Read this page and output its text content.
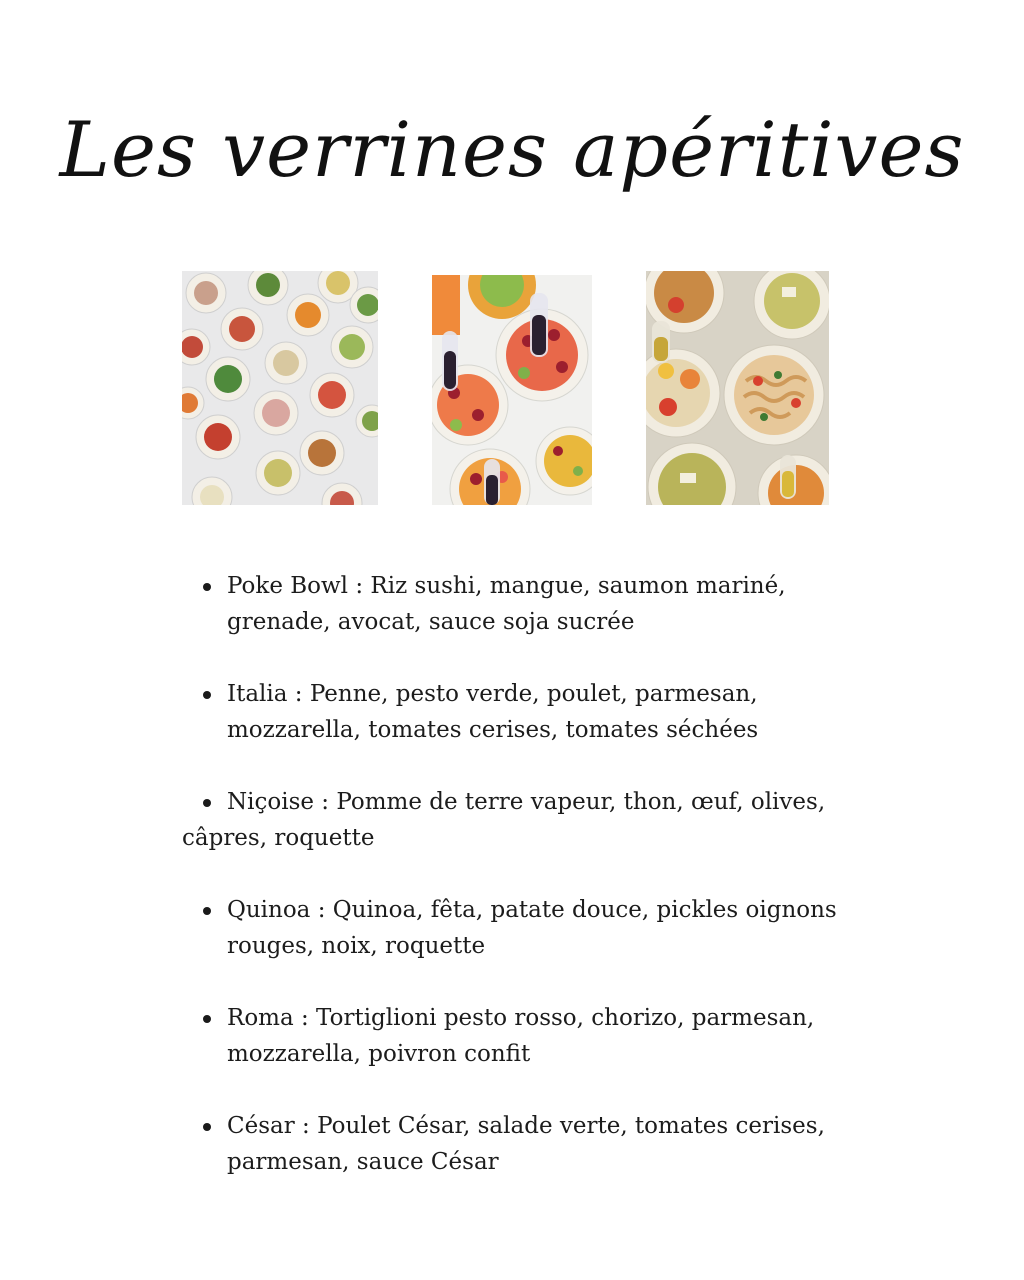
Les verrines apéritives
Poke Bowl : Riz sushi, mangue, saumon mariné, grenade, avocat, sauce soja sucrée
Italia : Penne, pesto verde, poulet, parmesan, mozzarella, tomates cerises, tomates séchées
Niçoise : Pomme de terre vapeur, thon, œuf, olives, câpres, roquette
Quinoa : Quinoa, fêta, patate douce, pickles oignons rouges, noix, roquette
Roma : Tortiglioni pesto rosso, chorizo, parmesan, mozzarella, poivron confit
César : Poulet César, salade verte, tomates cerises, parmesan, sauce César
